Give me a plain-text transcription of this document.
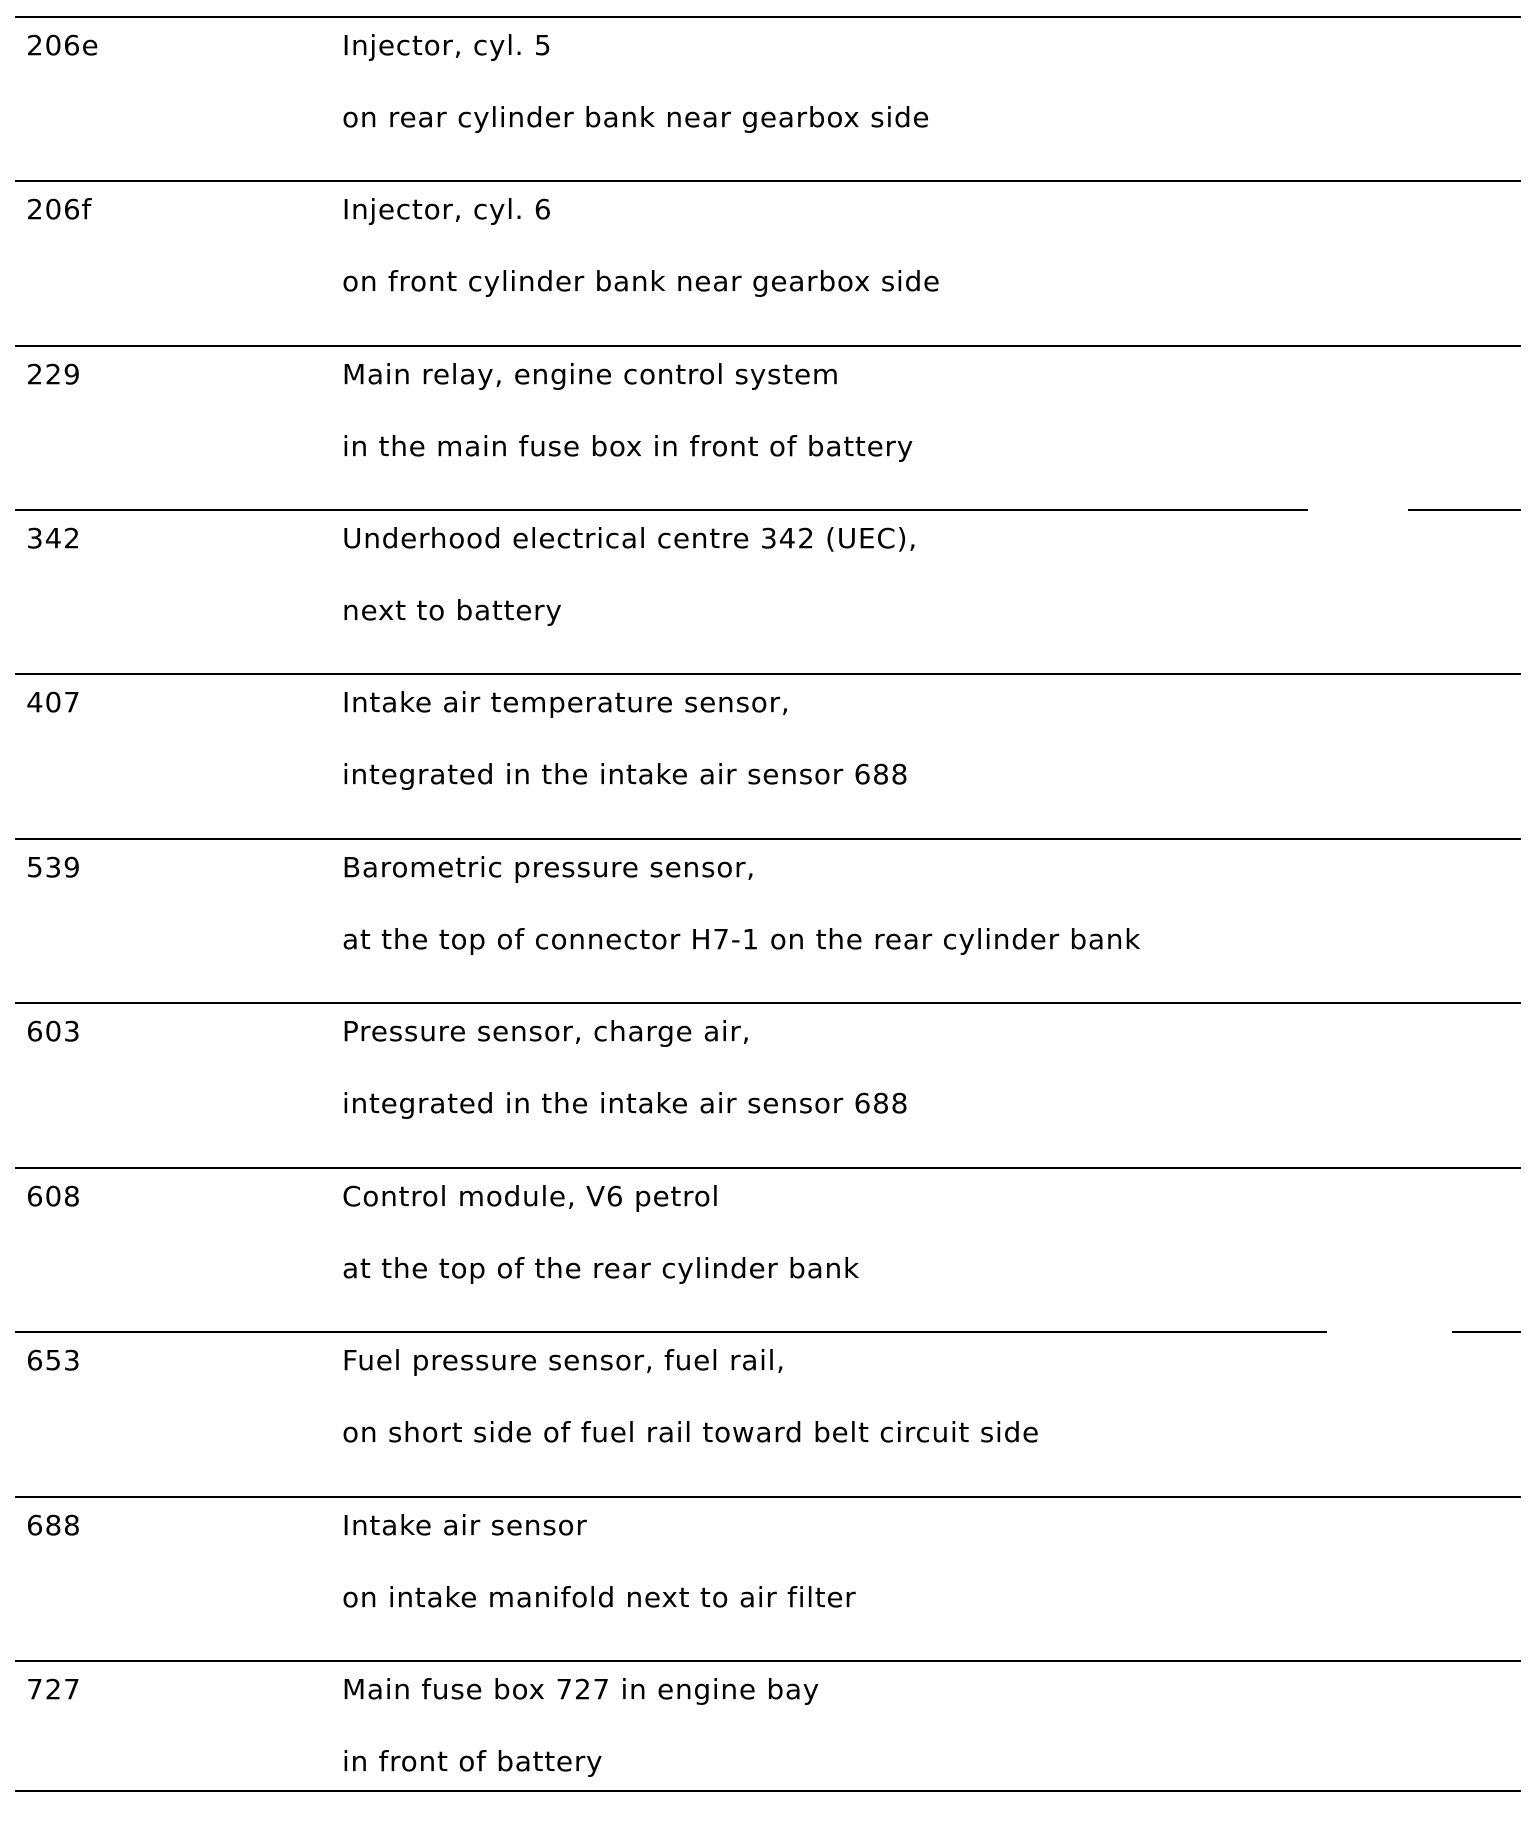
206e	Injector, cyl. 5
on rear cylinder bank near gearbox side
206f	Injector, cyl. 6
on front cylinder bank near gearbox side
229	Main relay, engine control system
in the main fuse box in front of battery
342	Underhood electrical centre 342 (UEC),
next to battery
407	Intake air temperature sensor,
integrated in the intake air sensor 688
539	Barometric pressure sensor,
at the top of connector H7-1 on the rear cylinder bank
603	Pressure sensor, charge air,
integrated in the intake air sensor 688
608	Control module, V6 petrol
at the top of the rear cylinder bank
653	Fuel pressure sensor, fuel rail,
on short side of fuel rail toward belt circuit side
688	Intake air sensor
on intake manifold next to air filter
727	Main fuse box 727 in engine bay
in front of battery
